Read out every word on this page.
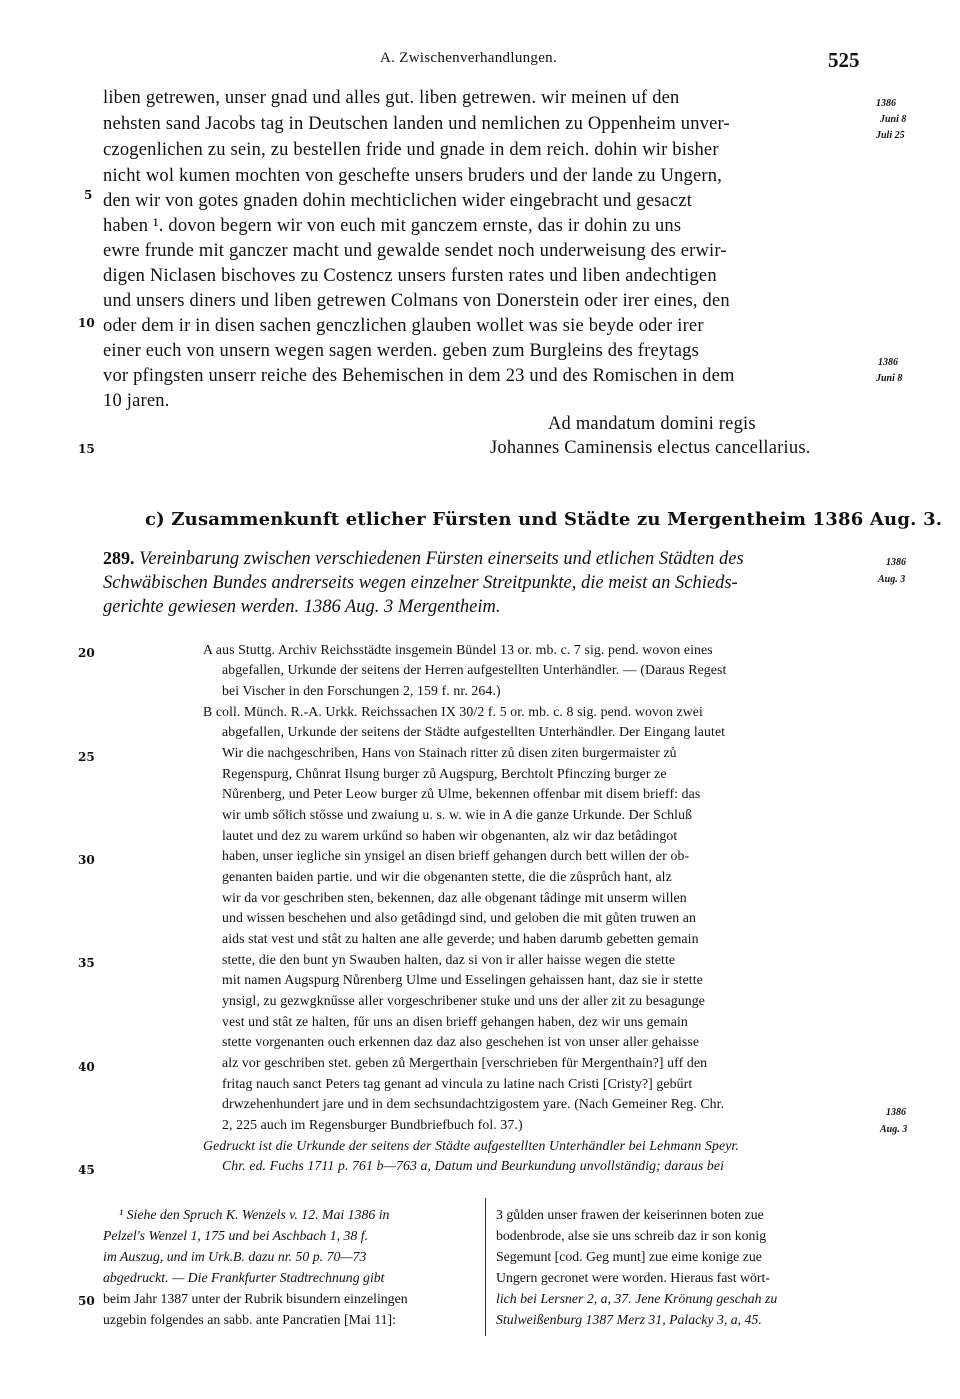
A. Zwischenverhandlungen.	525
5
10
15
20
25
30
35
40
45
50
1386
Juni 8
Juli 25
1386
Juni 8
1386
Aug. 3
1386
Aug. 3
liben getrewen, unser gnad und alles gut. liben getrewen. wir meinen uf den
nehsten sand Jacobs tag in Deutschen landen und nemlichen zu Oppenheim unver-
czogenlichen zu sein, zu bestellen fride und gnade in dem reich. dohin wir bisher
nicht wol kumen mochten von geschefte unsers bruders und der lande zu Ungern,
den wir von gotes gnaden dohin mechticlichen wider eingebracht und gesaczt
haben ¹. dovon begern wir von euch mit ganczem ernste, das ir dohin zu uns
ewre frunde mit ganczer macht und gewalde sendet noch underweisung des erwir-
digen Niclasen bischoves zu Costencz unsers fursten rates und liben andechtigen
und unsers diners und liben getrewen Colmans von Donerstein oder irer eines, den
oder dem ir in disen sachen genczlichen glauben wollet was sie beyde oder irer
einer euch von unsern wegen sagen werden. geben zum Burgleins des freytags
vor pfingsten unserr reiche des Behemischen in dem 23 und des Romischen in dem
10 jaren.
Ad mandatum domini regis
Johannes Caminensis electus cancellarius.
c) Zusammenkunft etlicher Fürsten und Städte zu Mergentheim 1386 Aug. 3.
289. Vereinbarung zwischen verschiedenen Fürsten einerseits und etlichen Städten des
Schwäbischen Bundes andrerseits wegen einzelner Streitpunkte, die meist an Schieds-
gerichte gewiesen werden. 1386 Aug. 3 Mergentheim.
A aus Stuttg. Archiv Reichsstädte insgemein Bündel 13 or. mb. c. 7 sig. pend. wovon eines
abgefallen, Urkunde der seitens der Herren aufgestellten Unterhändler. — (Daraus Regest
bei Vischer in den Forschungen 2, 159 f. nr. 264.)
B coll. Münch. R.-A. Urkk. Reichssachen IX 30/2 f. 5 or. mb. c. 8 sig. pend. wovon zwei
abgefallen, Urkunde der seitens der Städte aufgestellten Unterhändler. Der Eingang lautet
Wir die nachgeschriben, Hans von Stainach ritter zů disen ziten burgermaister zů
Regenspurg, Chůnrat Ilsung burger zů Augspurg, Berchtolt Pfinczing burger ze
Nůrenberg, und Peter Leow burger zů Ulme, bekennen offenbar mit disem brieff: das
wir umb sőlich stősse und zwaiung u. s. w. wie in A die ganze Urkunde. Der Schluß
lautet und dez zu warem urkűnd so haben wir obgenanten, alz wir daz betâdingot
haben, unser iegliche sin ynsigel an disen brieff gehangen durch bett willen der ob-
genanten baiden partie. und wir die obgenanten stette, die die zůsprůch hant, alz
wir da vor geschriben sten, bekennen, daz alle obgenant tâdinge mit unserm willen
und wissen beschehen und also getâdingd sind, und geloben die mit gůten truwen an
aids stat vest und stât zu halten ane alle geverde; und haben darumb gebetten gemain
stette, die den bunt yn Swauben halten, daz si von ir aller haisse wegen die stette
mit namen Augspurg Nůrenberg Ulme und Esselingen gehaissen hant, daz sie ir stette
ynsigl, zu gezwgknűsse aller vorgeschribener stuke und uns der aller zit zu besagunge
vest und stât ze halten, fűr uns an disen brieff gehangen haben, dez wir uns gemain
stette vorgenanten ouch erkennen daz daz also geschehen ist von unser aller gehaisse
alz vor geschriben stet. geben zů Mergerthain [verschrieben für Mergenthain?] uff den
fritag nauch sanct Peters tag genant ad vincula zu latine nach Cristi [Cristy?] gebűrt
drwzehenhundert jare und in dem sechsundachtzigostem yare. (Nach Gemeiner Reg. Chr.
2, 225 auch im Regensburger Bundbriefbuch fol. 37.)
Gedruckt ist die Urkunde der seitens der Städte aufgestellten Unterhändler bei Lehmann Speyr.
Chr. ed. Fuchs 1711 p. 761 b—763 a, Datum und Beurkundung unvollständig; daraus bei
¹ Siehe den Spruch K. Wenzels v. 12. Mai 1386 in
Pelzel's Wenzel 1, 175 und bei Aschbach 1, 38 f.
im Auszug, und im Urk.B. dazu nr. 50 p. 70—73
abgedruckt. — Die Frankfurter Stadtrechnung gibt
beim Jahr 1387 unter der Rubrik bisundern einzelingen
uzgebin folgendes an sabb. ante Pancratien [Mai 11]:
3 gůlden unser frawen der keiserinnen boten zue
bodenbrode, alse sie uns schreib daz ir son konig
Segemunt [cod. Geg munt] zue eime konige zue
Ungern gecronet were worden. Hieraus fast wört-
lich bei Lersner 2, a, 37. Jene Krönung geschah zu
Stulweißenburg 1387 Merz 31, Palacky 3, a, 45.
